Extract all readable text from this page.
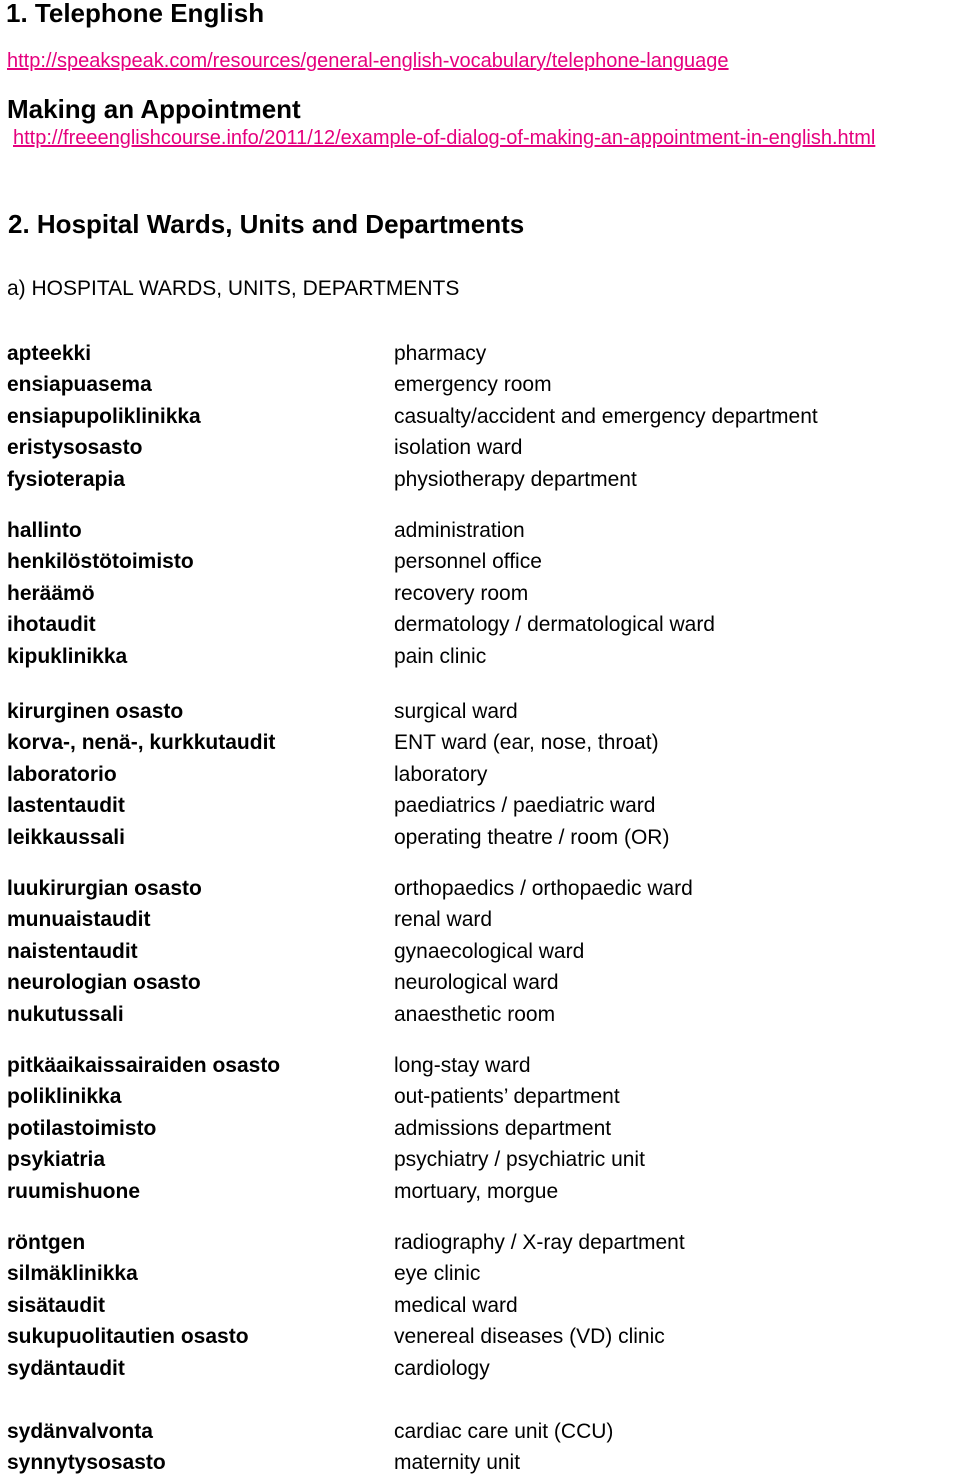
1. Telephone English
http://speakspeak.com/resources/general-english-vocabulary/telephone-language
Making an Appointment
http://freeenglishcourse.info/2011/12/example-of-dialog-of-making-an-appointment-in-english.html
2. Hospital Wards, Units and Departments
a) HOSPITAL WARDS, UNITS, DEPARTMENTS
apteekki	pharmacy
ensiapuasema	emergency room
ensiapupoliklinikka	casualty/accident and emergency department
eristysosasto	isolation ward
fysioterapia	physiotherapy department
hallinto	administration
henkilöstötoimisto	personnel office
heräämö	recovery room
ihotaudit	dermatology / dermatological ward
kipuklinikka	pain clinic
kirurginen osasto	surgical ward
korva-, nenä-, kurkkutaudit	ENT ward (ear, nose, throat)
laboratorio	laboratory
lastentaudit	paediatrics / paediatric ward
leikkaussali	operating theatre / room (OR)
luukirurgian osasto	orthopaedics / orthopaedic ward
munuaistaudit	renal ward
naistentaudit	gynaecological ward
neurologian osasto	neurological ward
nukutussali	anaesthetic room
pitkäaikaissairaiden osasto	long-stay ward
poliklinikka	out-patients’ department
potilastoimisto	admissions department
psykiatria	psychiatry / psychiatric unit
ruumishuone	mortuary, morgue
röntgen	radiography / X-ray department
silmäklinikka	eye clinic
sisätaudit	medical ward
sukupuolitautien osasto	venereal diseases (VD) clinic
sydäntaudit	cardiology
sydänvalvonta	cardiac care unit (CCU)
synnytysosasto	maternity unit
